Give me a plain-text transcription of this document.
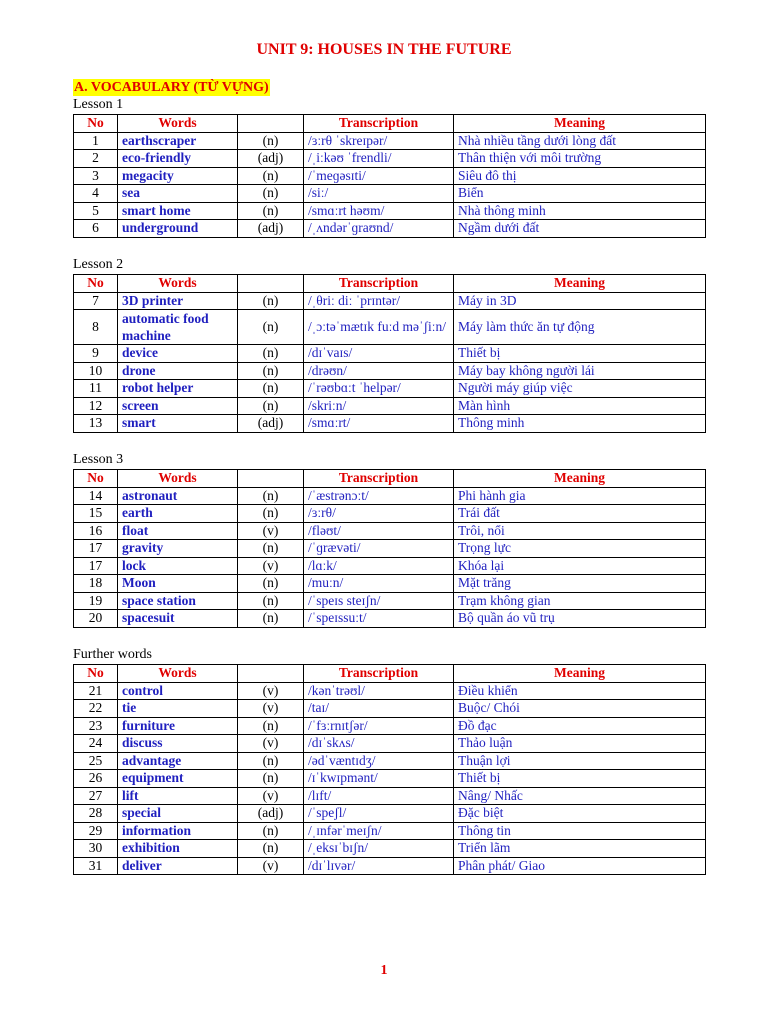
UNIT 9: HOUSES IN THE FUTURE
A. VOCABULARY (TỪ VỰNG)
Lesson 1
No	Words		Transcription	Meaning
1	earthscraper	(n)	/ɜːrθ ˈskreɪpər/	Nhà nhiều tầng dưới lòng đất
2	eco-friendly	(adj)	/ˌiːkəʊ ˈfrendli/	Thân thiện với môi trường
3	megacity	(n)	/ˈmeɡəsɪti/	Siêu đô thị
4	sea	(n)	/siː/	Biển
5	smart home	(n)	/smɑːrt həʊm/	Nhà thông minh
6	underground	(adj)	/ˌʌndərˈɡraʊnd/	Ngầm dưới đất
Lesson 2
No	Words		Transcription	Meaning
7	3D printer	(n)	/ˌθriː diː ˈprɪntər/	Máy in 3D
8	automatic food machine	(n)	/ˌɔːtəˈmætɪk fuːd məˈʃiːn/	Máy làm thức ăn tự động
9	device	(n)	/dɪˈvaɪs/	Thiết bị
10	drone	(n)	/drəʊn/	Máy bay không người lái
11	robot helper	(n)	/ˈrəʊbɑːt ˈhelpər/	Người máy giúp việc
12	screen	(n)	/skriːn/	Màn hình
13	smart	(adj)	/smɑːrt/	Thông minh
Lesson 3
No	Words		Transcription	Meaning
14	astronaut	(n)	/ˈæstrənɔːt/	Phi hành gia
15	earth	(n)	/ɜːrθ/	Trái đất
16	float	(v)	/fləʊt/	Trôi, nổi
17	gravity	(n)	/ˈɡrævəti/	Trọng lực
17	lock	(v)	/lɑːk/	Khóa lại
18	Moon	(n)	/muːn/	Mặt trăng
19	space station	(n)	/ˈspeɪs steɪʃn/	Trạm không gian
20	spacesuit	(n)	/ˈspeɪssuːt/	Bộ quần áo vũ trụ
Further words
No	Words		Transcription	Meaning
21	control	(v)	/kənˈtrəʊl/	Điều khiển
22	tie	(v)	/taɪ/	Buộc/ Chói
23	furniture	(n)	/ˈfɜːrnɪtʃər/	Đồ đạc
24	discuss	(v)	/dɪˈskʌs/	Thảo luận
25	advantage	(n)	/ədˈvæntɪdʒ/	Thuận lợi
26	equipment	(n)	/ɪˈkwɪpmənt/	Thiết bị
27	lift	(v)	/lɪft/	Nâng/ Nhấc
28	special	(adj)	/ˈspeʃl/	Đặc biệt
29	information	(n)	/ˌɪnfərˈmeɪʃn/	Thông tin
30	exhibition	(n)	/ˌeksɪˈbɪʃn/	Triển lãm
31	deliver	(v)	/dɪˈlɪvər/	Phân phát/ Giao
1
